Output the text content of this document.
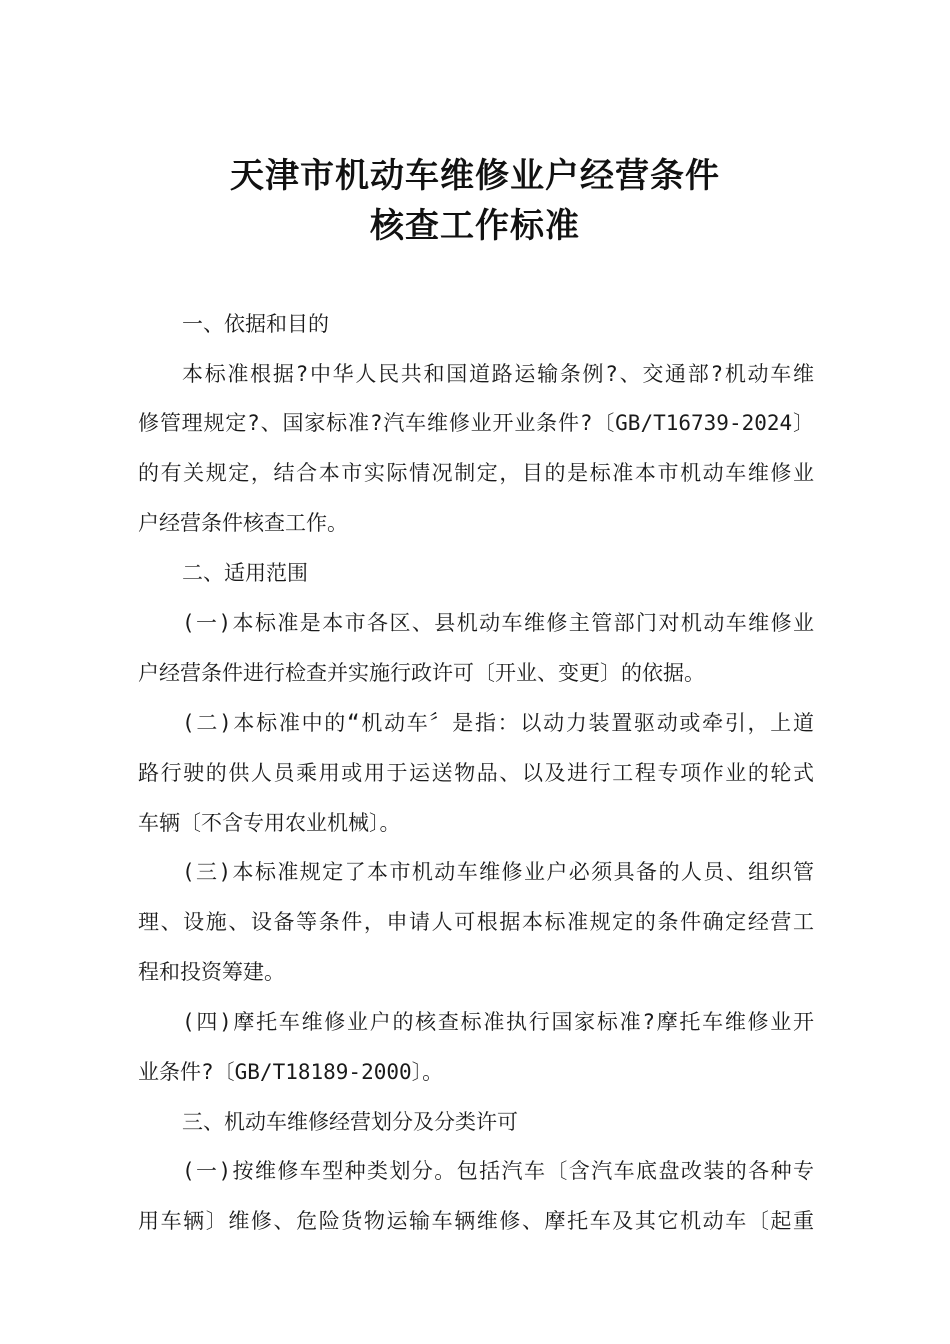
天津市机动车维修业户经营条件
核查工作标准
一、依据和目的
本标准根据?中华人民共和国道路运输条例?、交通部?机动车维
修管理规定?、国家标准?汽车维修业开业条件?〔GB/T16739-2024〕
的有关规定，结合本市实际情况制定，目的是标准本市机动车维修业
户经营条件核查工作。
二、适用范围
(一)本标准是本市各区、县机动车维修主管部门对机动车维修业
户经营条件进行检查并实施行政许可〔开业、变更〕的依据。
(二)本标准中的“机动车〞是指：以动力装置驱动或牵引，上道
路行驶的供人员乘用或用于运送物品、以及进行工程专项作业的轮式
车辆〔不含专用农业机械〕。
(三)本标准规定了本市机动车维修业户必须具备的人员、组织管
理、设施、设备等条件，申请人可根据本标准规定的条件确定经营工
程和投资筹建。
(四)摩托车维修业户的核查标准执行国家标准?摩托车维修业开
业条件?〔GB/T18189-2000〕。
三、机动车维修经营划分及分类许可
(一)按维修车型种类划分。包括汽车〔含汽车底盘改装的各种专
用车辆〕维修、危险货物运输车辆维修、摩托车及其它机动车〔起重
